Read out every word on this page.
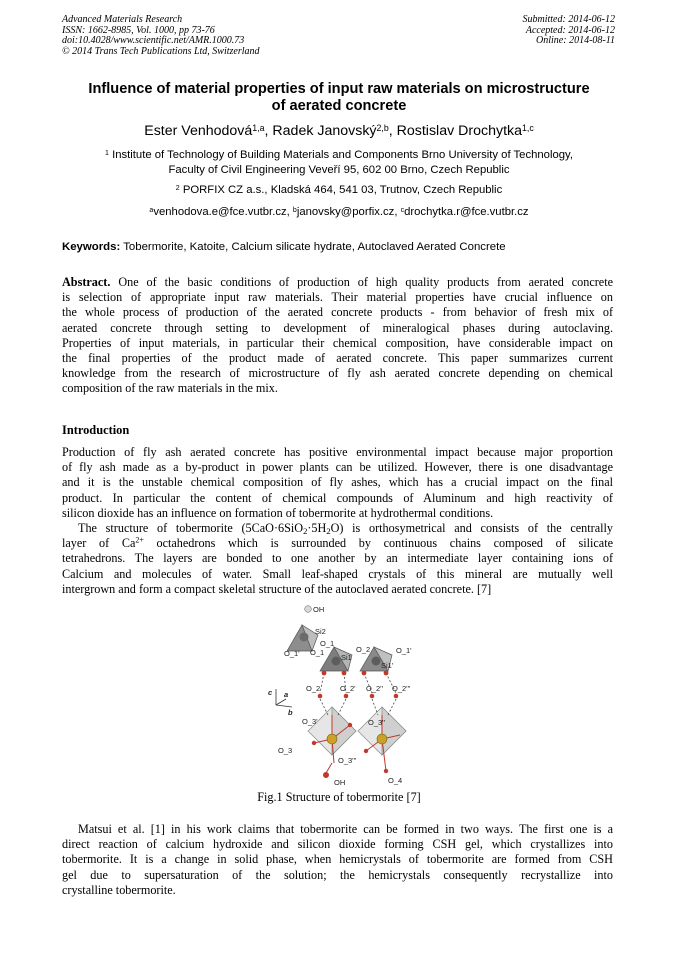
Advanced Materials Research
ISSN: 1662-8985, Vol. 1000, pp 73-76
doi:10.4028/www.scientific.net/AMR.1000.73
© 2014 Trans Tech Publications Ltd, Switzerland
Submitted: 2014-06-12
Accepted: 2014-06-12
Online: 2014-08-11
Influence of material properties of input raw materials on microstructure
of aerated concrete
Ester Venhodová$^{1,a}$, Radek Janovský$^{2,b}$, Rostislav Drochytka$^{1,c}$
$^1$ Institute of Technology of Building Materials and Components Brno University of Technology,
Faculty of Civil Engineering Veveří 95, 602 00 Brno, Czech Republic
$^2$ PORFIX CZ a.s., Kladská 464, 541 03, Trutnov, Czech Republic
$^a$venhodova.e@fce.vutbr.cz, $^b$janovsky@porfix.cz, $^c$drochytka.r@fce.vutbr.cz
Keywords: Tobermorite, Katoite, Calcium silicate hydrate, Autoclaved Aerated Concrete
Abstract. One of the basic conditions of production of high quality products from aerated concrete
is selection of appropriate input raw materials. Their material properties have crucial influence on
the whole process of production of the aerated concrete products - from behavior of fresh mix of
aerated concrete through setting to development of mineralogical phases during autoclaving.
Properties of input materials, in particular their chemical composition, have considerable impact on
the final properties of the product made of aerated concrete. This paper summarizes current
knowledge from the research of microstructure of fly ash aerated concrete depending on chemical
composition of the raw materials in the mix.
Introduction
Production of fly ash aerated concrete has positive environmental impact because major proportion
of fly ash made as a by-product in power plants can be utilized. However, there is one disadvantage
and it is the unstable chemical composition of fly ashes, which has a crucial impact on the final
product. In particular the content of chemical compounds of Aluminum and high reactivity of
silicon dioxide has an influence on formation of tobermorite at hydrothermal conditions.
The structure of tobermorite $(5CaO\cdot 6SiO_2\cdot 5H_2O)$ is orthosymetrical and consists of the centrally
layer of $Ca^{2+}$ octahedrons which is surrounded by continuous chains composed of silicate
tetrahedrons. The layers are bonded to one another by an intermediate layer containing ions of
Calcium and molecules of water. Small leaf-shaped crystals of this mineral are mutually well
intergrown and form a compact skeletal structure of the autoclaved aerated concrete. [7]
OH
Si2
O_1
O_1' O_1	O_2	O_1'
Si1
Si1'
O_2	O_2' O_2'' O_2'''
O_3'	O_3''
O_3
O_3'''
O_4
OH
c a
b
Fig.1 Structure of tobermorite [7]
Matsui et al. [1] in his work claims that tobermorite can be formed in two ways. The first one is a
direct reaction of calcium hydroxide and silicon dioxide forming CSH gel, which crystallizes into
tobermorite. It is a change in solid phase, when hemicrystals of tobermorite are formed from CSH
gel due to supersaturation of the solution; the hemicrystals consequently recrystallize into
crystalline tobermorite.
